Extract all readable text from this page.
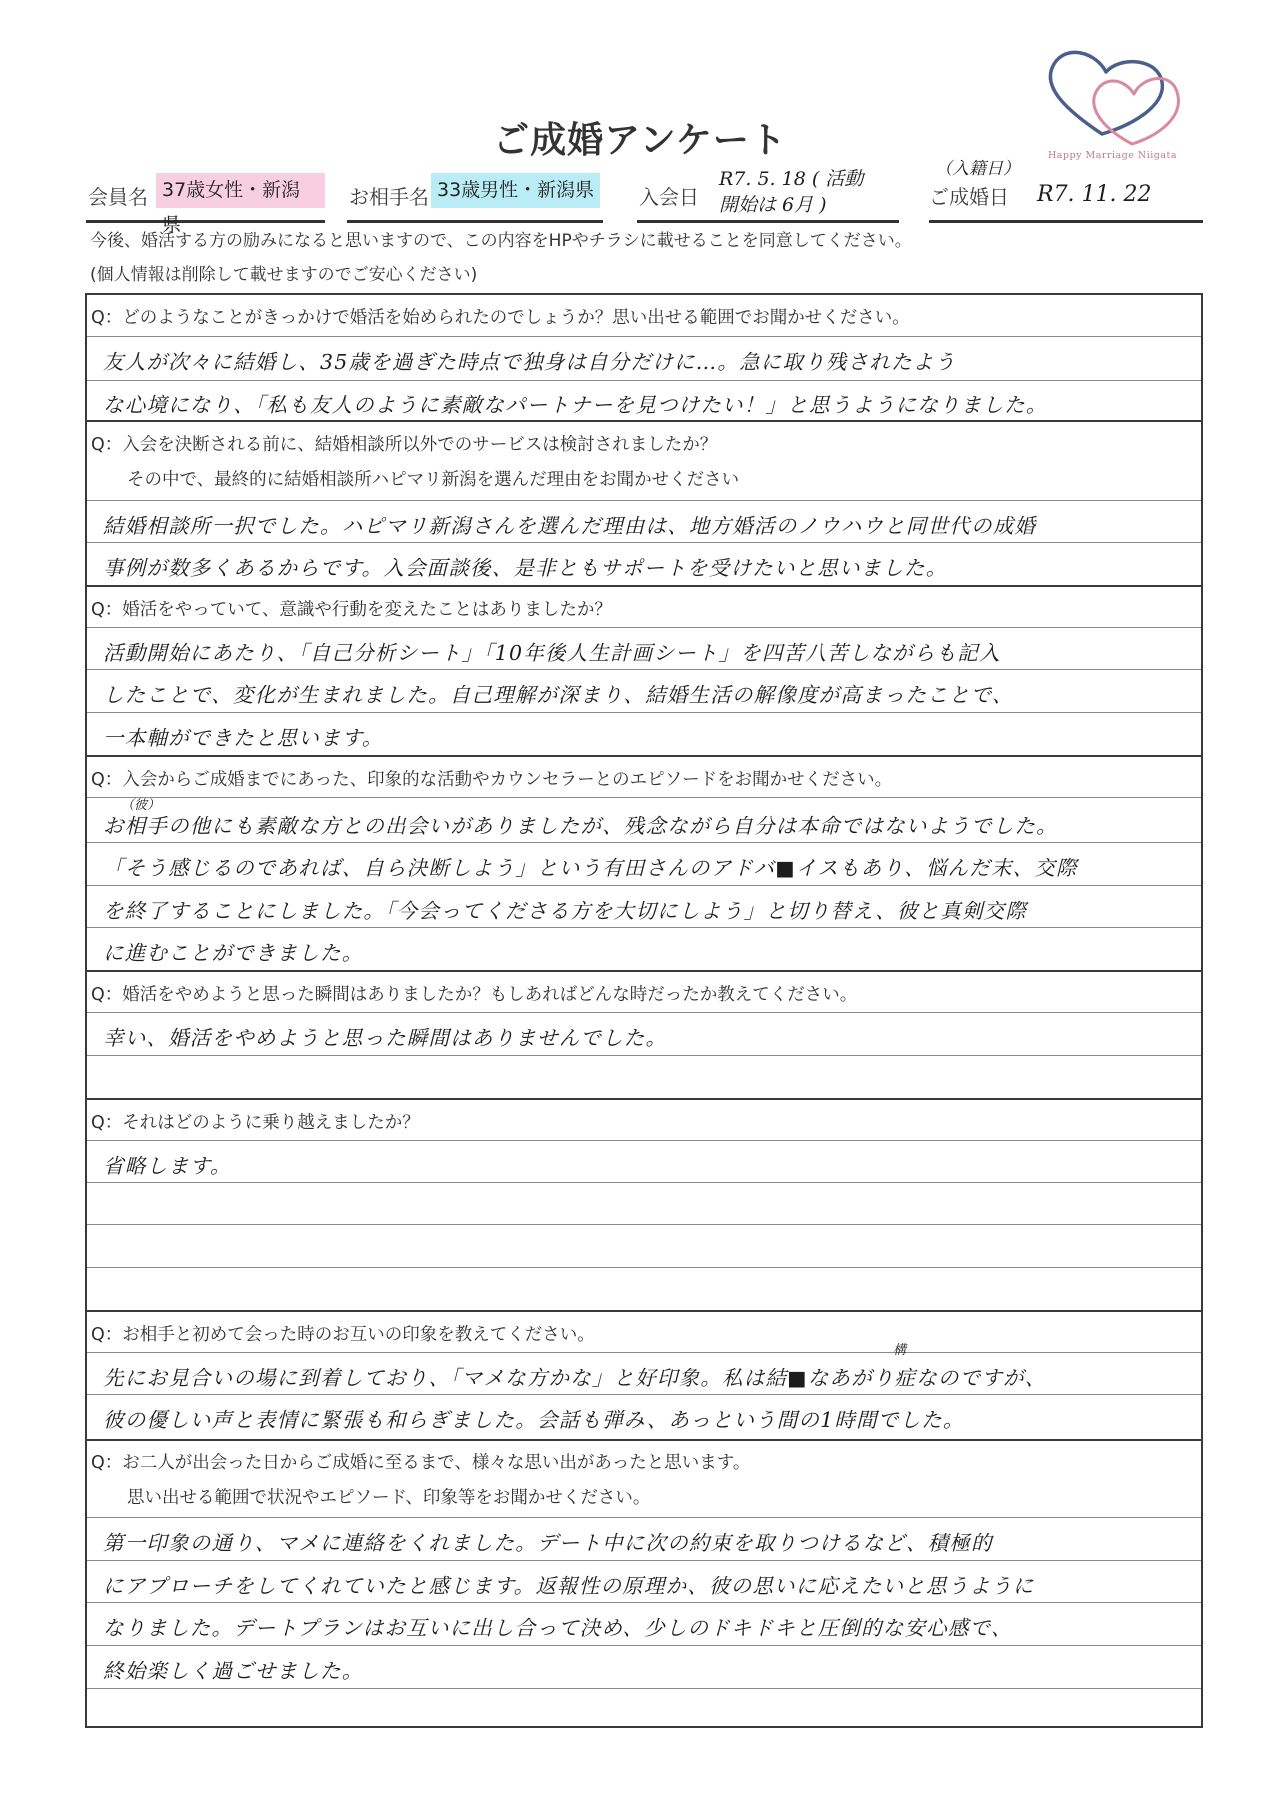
ご成婚アンケート	Happy Marriage Niigata
会員名 37歳女性・新潟県
お相手名 33歳男性・新潟県	入会日
R7. 5. 18 ( 活動
開始は 6月 )
（入籍日）
ご成婚日 R7. 11. 22
今後、婚活する方の励みになると思いますので、この内容をHPやチラシに載せることを同意してください。
(個人情報は削除して載せますのでご安心ください)
Q：どのようなことがきっかけで婚活を始められたのでしょうか？思い出せる範囲でお聞かせください。
友人が次々に結婚し、35歳を過ぎた時点で独身は自分だけに…。急に取り残されたよう
な心境になり、「私も友人のように素敵なパートナーを見つけたい！」と思うようになりました。
Q：入会を決断される前に、結婚相談所以外でのサービスは検討されましたか？
その中で、最終的に結婚相談所ハピマリ新潟を選んだ理由をお聞かせください
結婚相談所一択でした。ハピマリ新潟さんを選んだ理由は、地方婚活のノウハウと同世代の成婚
事例が数多くあるからです。入会面談後、是非ともサポートを受けたいと思いました。
Q：婚活をやっていて、意識や行動を変えたことはありましたか？
活動開始にあたり、「自己分析シート」「10年後人生計画シート」を四苦八苦しながらも記入
したことで、変化が生まれました。自己理解が深まり、結婚生活の解像度が高まったことで、
一本軸ができたと思います。
Q：入会からご成婚までにあった、印象的な活動やカウンセラーとのエピソードをお聞かせください。
（彼）
お相手の他にも素敵な方との出会いがありましたが、残念ながら自分は本命ではないようでした。
「そう感じるのであれば、自ら決断しよう」という有田さんのアドバ■イスもあり、悩んだ末、交際
を終了することにしました。「今会ってくださる方を大切にしよう」と切り替え、彼と真剣交際
に進むことができました。
Q：婚活をやめようと思った瞬間はありましたか？もしあればどんな時だったか教えてください。
幸い、婚活をやめようと思った瞬間はありませんでした。
Q：それはどのように乗り越えましたか？
省略します。
Q：お相手と初めて会った時のお互いの印象を教えてください。
構
先にお見合いの場に到着しており、「マメな方かな」と好印象。私は結■なあがり症なのですが、
彼の優しい声と表情に緊張も和らぎました。会話も弾み、あっという間の1時間でした。
Q：お二人が出会った日からご成婚に至るまで、様々な思い出があったと思います。
思い出せる範囲で状況やエピソード、印象等をお聞かせください。
第一印象の通り、マメに連絡をくれました。デート中に次の約束を取りつけるなど、積極的
にアプローチをしてくれていたと感じます。返報性の原理か、彼の思いに応えたいと思うように
なりました。デートプランはお互いに出し合って決め、少しのドキドキと圧倒的な安心感で、
終始楽しく過ごせました。
